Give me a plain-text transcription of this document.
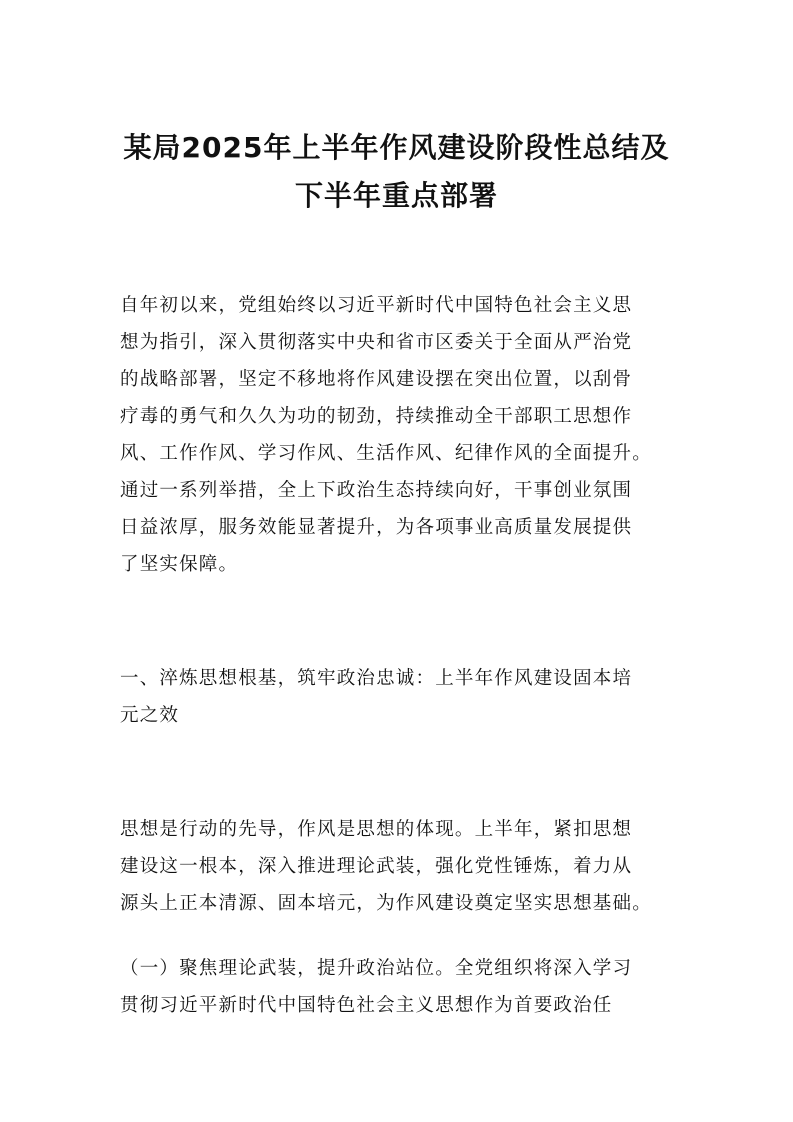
某局2025年上半年作风建设阶段性总结及
下半年重点部署
自年初以来，党组始终以习近平新时代中国特色社会主义思
想为指引，深入贯彻落实中央和省市区委关于全面从严治党
的战略部署，坚定不移地将作风建设摆在突出位置，以刮骨
疗毒的勇气和久久为功的韧劲，持续推动全干部职工思想作
风、工作作风、学习作风、生活作风、纪律作风的全面提升。
通过一系列举措，全上下政治生态持续向好，干事创业氛围
日益浓厚，服务效能显著提升，为各项事业高质量发展提供
了坚实保障。
一、淬炼思想根基，筑牢政治忠诚：上半年作风建设固本培
元之效
思想是行动的先导，作风是思想的体现。上半年，紧扣思想
建设这一根本，深入推进理论武装，强化党性锤炼，着力从
源头上正本清源、固本培元，为作风建设奠定坚实思想基础。
（一）聚焦理论武装，提升政治站位。全党组织将深入学习
贯彻习近平新时代中国特色社会主义思想作为首要政治任
